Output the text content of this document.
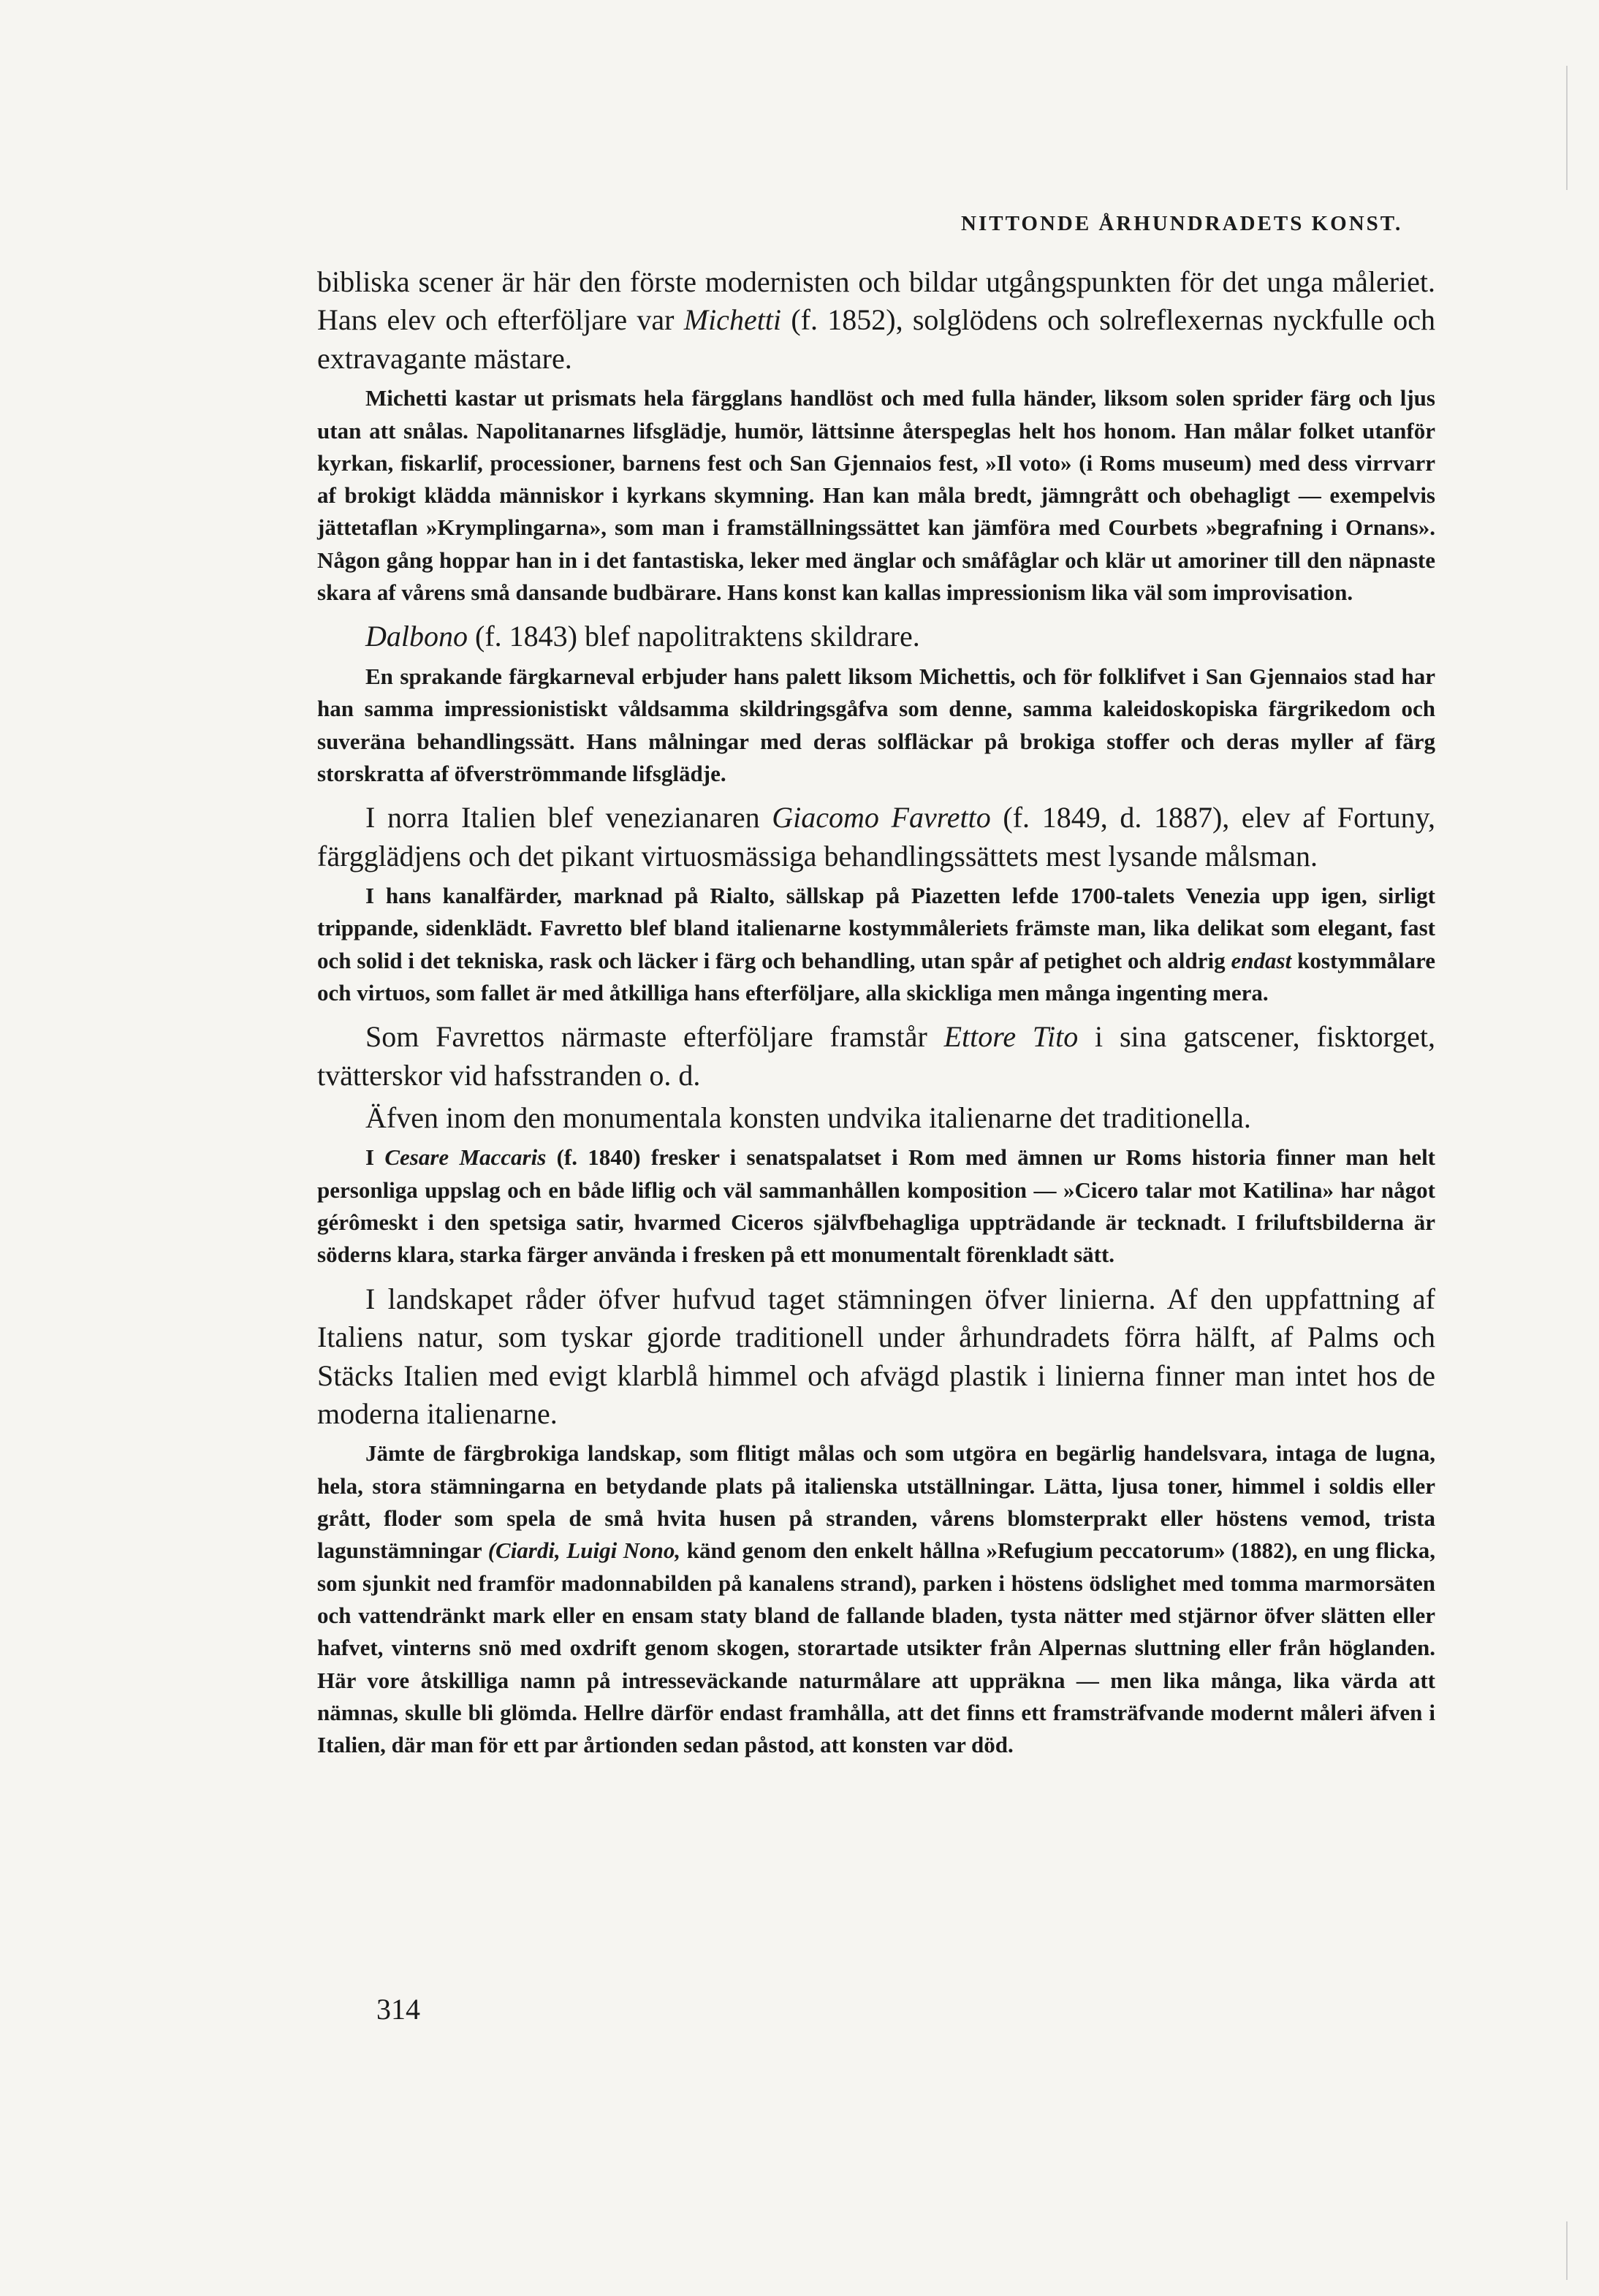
NITTONDE ÅRHUNDRADETS KONST.

bibliska scener är här den förste modernisten och bildar utgångspunkten för det unga måleriet. Hans elev och efterföljare var Michetti (f. 1852), solglödens och solreflexernas nyckfulle och extravagante mästare.

Michetti kastar ut prismats hela färgglans handlöst och med fulla händer, liksom solen sprider färg och ljus utan att snålas. Napolitanarnes lifsglädje, humör, lättsinne återspeglas helt hos honom. Han målar folket utanför kyrkan, fiskarlif, processioner, barnens fest och San Gjennaios fest, »Il voto» (i Roms museum) med dess virrvarr af brokigt klädda människor i kyrkans skymning. Han kan måla bredt, jämngrått och obehagligt — exempelvis jättetaflan »Krymplingarna», som man i framställningssättet kan jämföra med Courbets »begrafning i Ornans». Någon gång hoppar han in i det fantastiska, leker med änglar och småfåglar och klär ut amoriner till den näpnaste skara af vårens små dansande budbärare. Hans konst kan kallas impressionism lika väl som improvisation.

Dalbono (f. 1843) blef napolitraktens skildrare.

En sprakande färgkarneval erbjuder hans palett liksom Michettis, och för folklifvet i San Gjennaios stad har han samma impressionistiskt våldsamma skildringsgåfva som denne, samma kaleidoskopiska färgrikedom och suveräna behandlingssätt. Hans målningar med deras solfläckar på brokiga stoffer och deras myller af färg storskratta af öfverströmmande lifsglädje.

I norra Italien blef venezianaren Giacomo Favretto (f. 1849, d. 1887), elev af Fortuny, färgglädjens och det pikant virtuosmässiga behandlingssättets mest lysande målsman.

I hans kanalfärder, marknad på Rialto, sällskap på Piazetten lefde 1700-talets Venezia upp igen, sirligt trippande, sidenklädt. Favretto blef bland italienarne kostymmåleriets främste man, lika delikat som elegant, fast och solid i det tekniska, rask och läcker i färg och behandling, utan spår af petighet och aldrig endast kostymmålare och virtuos, som fallet är med åtkilliga hans efterföljare, alla skickliga men många ingenting mera.

Som Favrettos närmaste efterföljare framstår Ettore Tito i sina gatscener, fisktorget, tvätterskor vid hafsstranden o. d.

Äfven inom den monumentala konsten undvika italienarne det traditionella.

I Cesare Maccaris (f. 1840) fresker i senatspalatset i Rom med ämnen ur Roms historia finner man helt personliga uppslag och en både liflig och väl sammanhållen komposition — »Cicero talar mot Katilina» har något gérômeskt i den spetsiga satir, hvarmed Ciceros självfbehagliga uppträdande är tecknadt. I friluftsbilderna är söderns klara, starka färger använda i fresken på ett monumentalt förenkladt sätt.

I landskapet råder öfver hufvud taget stämningen öfver linierna. Af den uppfattning af Italiens natur, som tyskar gjorde traditionell under århundradets förra hälft, af Palms och Stäcks Italien med evigt klarblå himmel och afvägd plastik i linierna finner man intet hos de moderna italienarne.

Jämte de färgbrokiga landskap, som flitigt målas och som utgöra en begärlig handelsvara, intaga de lugna, hela, stora stämningarna en betydande plats på italienska utställningar. Lätta, ljusa toner, himmel i soldis eller grått, floder som spela de små hvita husen på stranden, vårens blomsterprakt eller höstens vemod, trista lagunstämningar (Ciardi, Luigi Nono, känd genom den enkelt hållna »Refugium peccatorum» (1882), en ung flicka, som sjunkit ned framför madonnabilden på kanalens strand), parken i höstens ödslighet med tomma marmorsäten och vattendränkt mark eller en ensam staty bland de fallande bladen, tysta nätter med stjärnor öfver slätten eller hafvet, vinterns snö med oxdrift genom skogen, storartade utsikter från Alpernas sluttning eller från höglanden. Här vore åtskilliga namn på intresseväckande naturmålare att uppräkna — men lika många, lika värda att nämnas, skulle bli glömda. Hellre därför endast framhålla, att det finns ett framsträfvande modernt måleri äfven i Italien, där man för ett par årtionden sedan påstod, att konsten var död.

314
